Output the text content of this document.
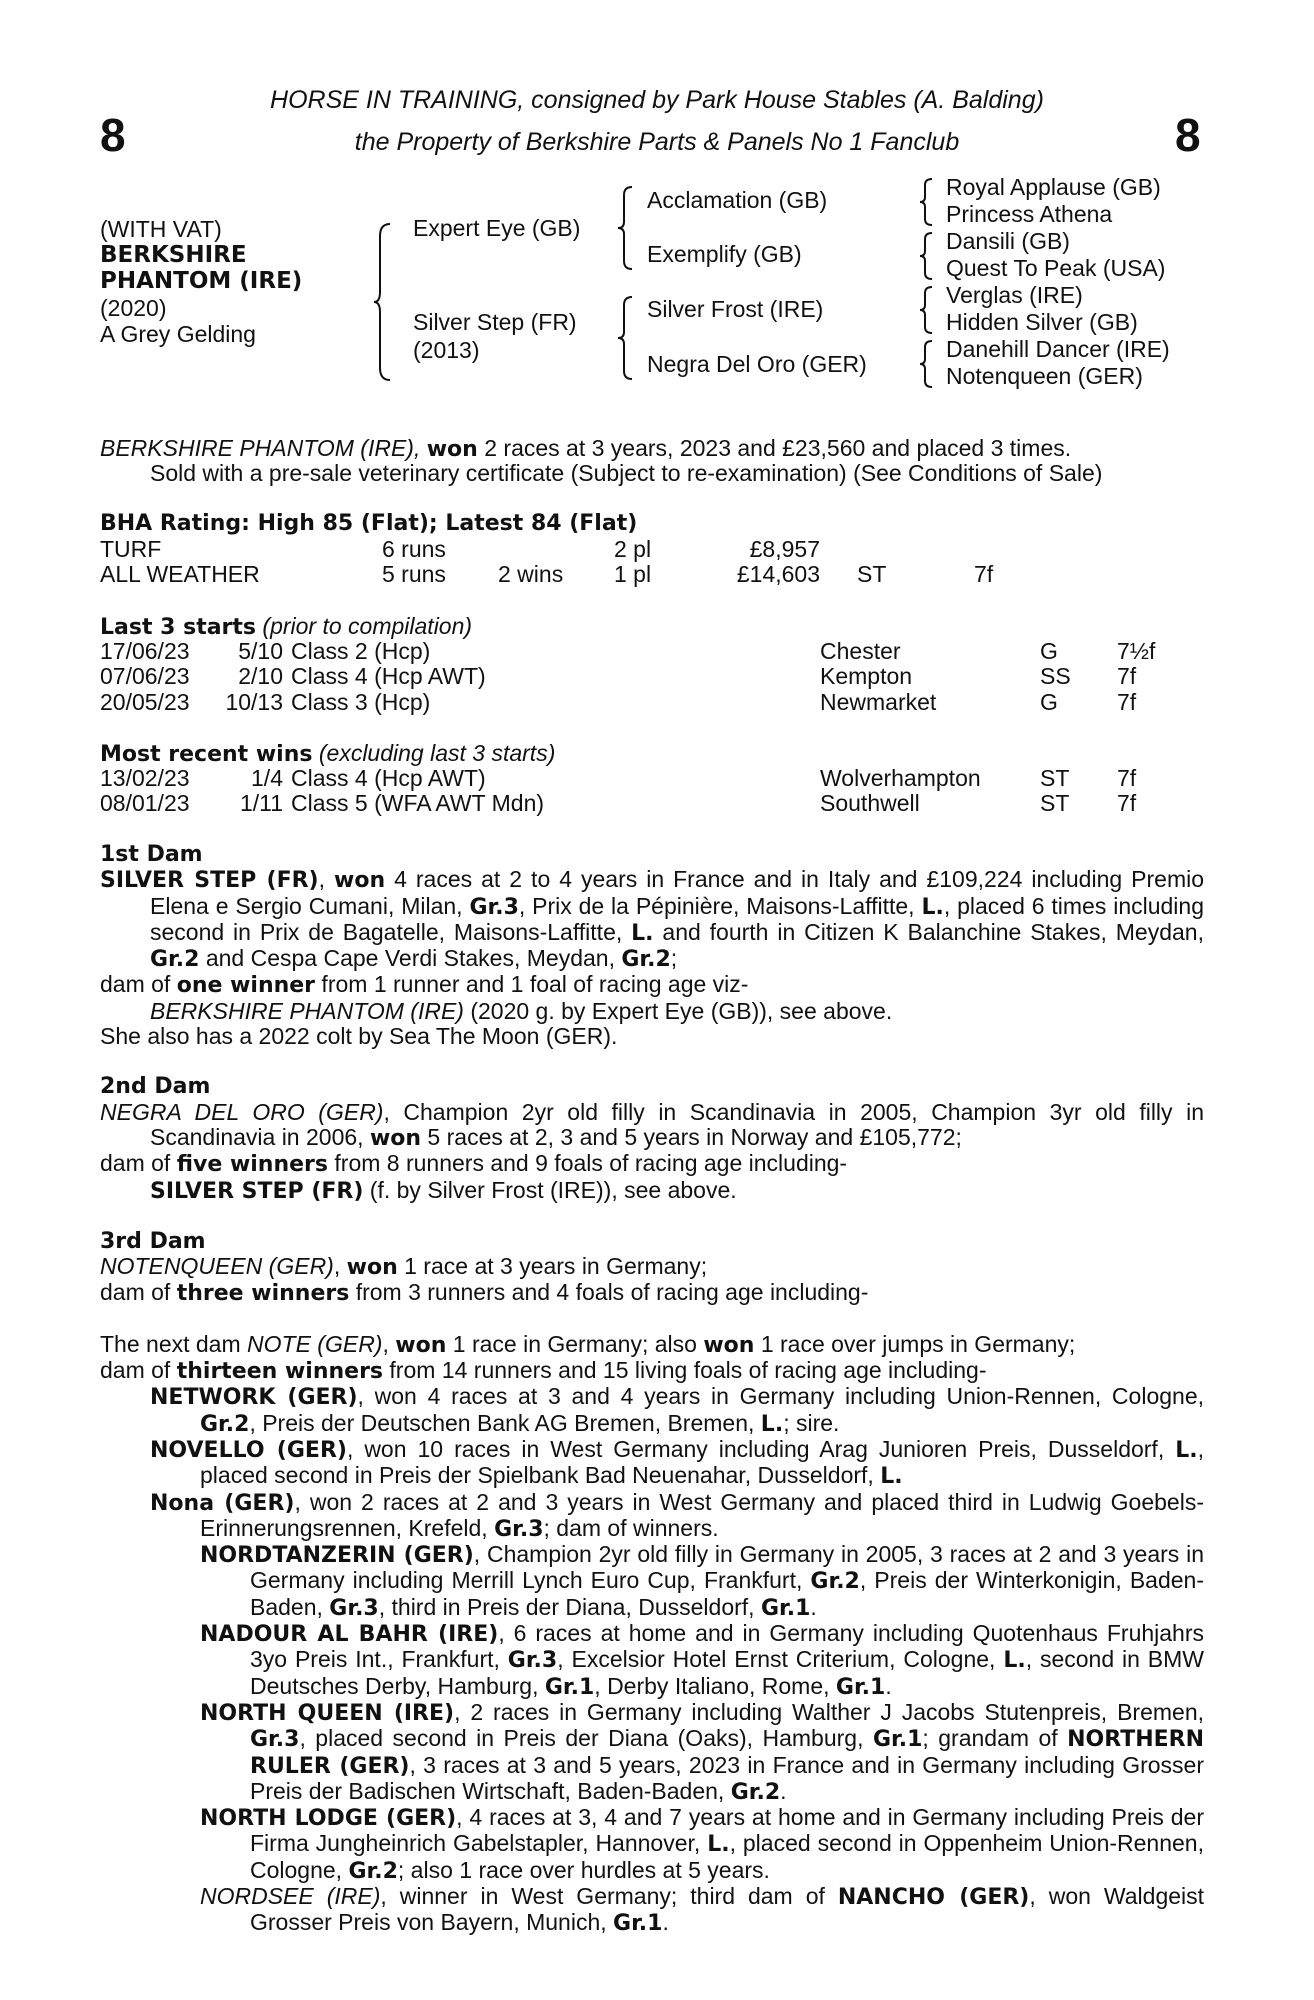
8	8
HORSE IN TRAINING, consigned by Park House Stables (A. Balding)
the Property of Berkshire Parts & Panels No 1 Fanclub
(WITH VAT)
BERKSHIRE
PHANTOM (IRE)
(2020)
A Grey Gelding
Expert Eye (GB)
Silver Step (FR)
(2013)
Acclamation (GB)
Exemplify (GB)
Silver Frost (IRE)
Negra Del Oro (GER)
Royal Applause (GB)
Princess Athena
Dansili (GB)
Quest To Peak (USA)
Verglas (IRE)
Hidden Silver (GB)
Danehill Dancer (IRE)
Notenqueen (GER)
BERKSHIRE PHANTOM (IRE), won 2 races at 3 years, 2023 and £23,560 and placed 3 times.
Sold with a pre-sale veterinary certificate (Subject to re-examination) (See Conditions of Sale)
BHA Rating: High 85 (Flat); Latest 84 (Flat)
TURF	6 runs	2 pl	£8,957
ALL WEATHER	5 runs 2 wins 1 pl	£14,603 ST	7f
Last 3 starts (prior to compilation)
17/06/23	5/10 Class 2 (Hcp)	Chester	G	7½f
07/06/23	2/10 Class 4 (Hcp AWT)	Kempton	SS 7f
20/05/23	10/13 Class 3 (Hcp)	Newmarket	G	7f
Most recent wins (excluding last 3 starts)
13/02/23	1/4 Class 4 (Hcp AWT)	Wolverhampton	ST 7f
08/01/23	1/11 Class 5 (WFA AWT Mdn)	Southwell	ST 7f

1st Dam

SILVER STEP (FR), won 4 races at 2 to 4 years in France and in Italy and £109,224 including Premio Elena e Sergio Cumani, Milan, Gr.3, Prix de la Pépinière, Maisons-Laffitte, L., placed 6 times including second in Prix de Bagatelle, Maisons-Laffitte, L. and fourth in Citizen K Balanchine Stakes, Meydan, Gr.2 and Cespa Cape Verdi Stakes, Meydan, Gr.2;

dam of one winner from 1 runner and 1 foal of racing age viz-

BERKSHIRE PHANTOM (IRE) (2020 g. by Expert Eye (GB)), see above.

She also has a 2022 colt by Sea The Moon (GER).

2nd Dam

NEGRA DEL ORO (GER), Champion 2yr old filly in Scandinavia in 2005, Champion 3yr old filly in Scandinavia in 2006, won 5 races at 2, 3 and 5 years in Norway and £105,772;

dam of five winners from 8 runners and 9 foals of racing age including-

SILVER STEP (FR) (f. by Silver Frost (IRE)), see above.

3rd Dam

NOTENQUEEN (GER), won 1 race at 3 years in Germany;

dam of three winners from 3 runners and 4 foals of racing age including-

The next dam NOTE (GER), won 1 race in Germany; also won 1 race over jumps in Germany;

dam of thirteen winners from 14 runners and 15 living foals of racing age including-

NETWORK (GER), won 4 races at 3 and 4 years in Germany including Union-Rennen, Cologne, Gr.2, Preis der Deutschen Bank AG Bremen, Bremen, L.; sire.

NOVELLO (GER), won 10 races in West Germany including Arag Junioren Preis, Dusseldorf, L., placed second in Preis der Spielbank Bad Neuenahar, Dusseldorf, L.

Nona (GER), won 2 races at 2 and 3 years in West Germany and placed third in Ludwig Goebels-Erinnerungsrennen, Krefeld, Gr.3; dam of winners.

NORDTANZERIN (GER), Champion 2yr old filly in Germany in 2005, 3 races at 2 and 3 years in Germany including Merrill Lynch Euro Cup, Frankfurt, Gr.2, Preis der Winterkonigin, Baden-Baden, Gr.3, third in Preis der Diana, Dusseldorf, Gr.1.

NADOUR AL BAHR (IRE), 6 races at home and in Germany including Quotenhaus Fruhjahrs 3yo Preis Int., Frankfurt, Gr.3, Excelsior Hotel Ernst Criterium, Cologne, L., second in BMW Deutsches Derby, Hamburg, Gr.1, Derby Italiano, Rome, Gr.1.

NORTH QUEEN (IRE), 2 races in Germany including Walther J Jacobs Stutenpreis, Bremen, Gr.3, placed second in Preis der Diana (Oaks), Hamburg, Gr.1; grandam of NORTHERN RULER (GER), 3 races at 3 and 5 years, 2023 in France and in Germany including Grosser Preis der Badischen Wirtschaft, Baden-Baden, Gr.2.

NORTH LODGE (GER), 4 races at 3, 4 and 7 years at home and in Germany including Preis der Firma Jungheinrich Gabelstapler, Hannover, L., placed second in Oppenheim Union-Rennen, Cologne, Gr.2; also 1 race over hurdles at 5 years.

NORDSEE (IRE), winner in West Germany; third dam of NANCHO (GER), won Waldgeist Grosser Preis von Bayern, Munich, Gr.1.
